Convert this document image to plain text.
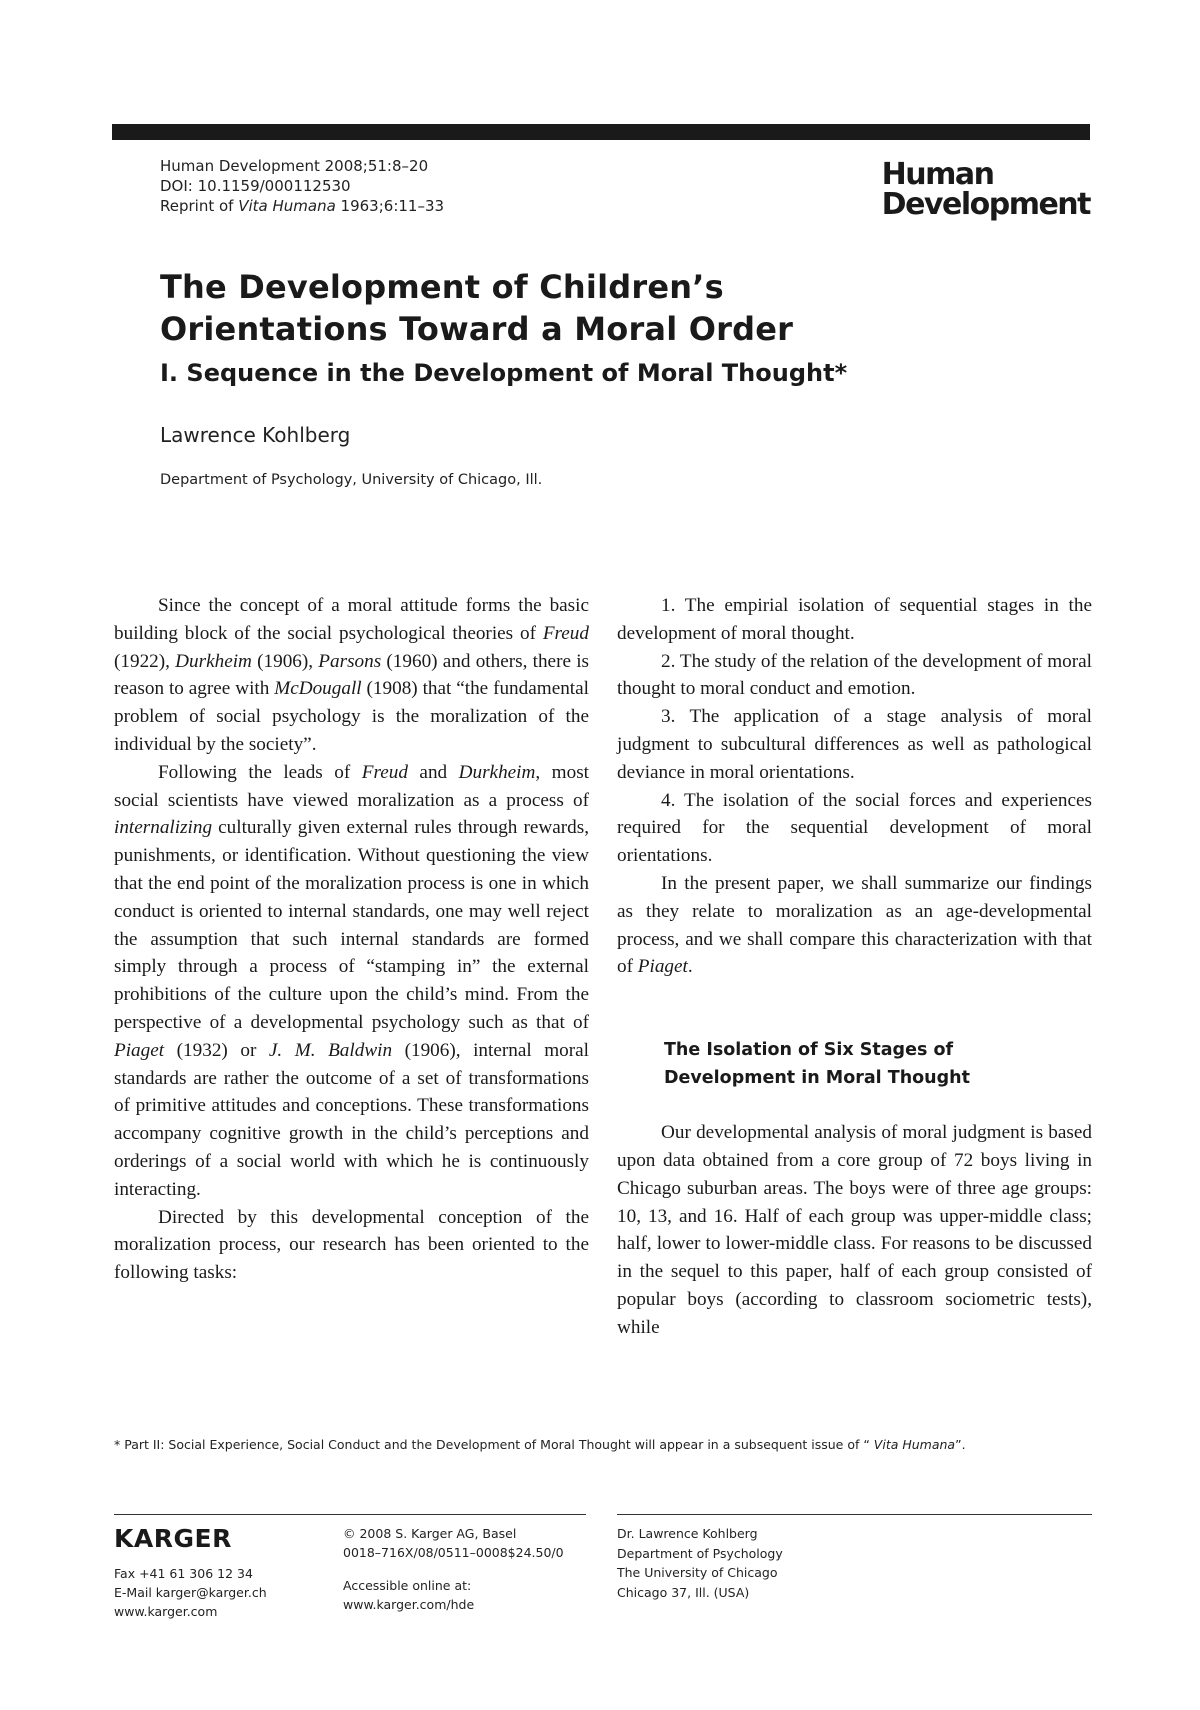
Human Development 2008;51:8–20
DOI: 10.1159/000112530
Reprint of Vita Humana 1963;6:11–33
Human
Development
The Development of Children’s
Orientations Toward a Moral Order
I. Sequence in the Development of Moral Thought*
Lawrence Kohlberg
Department of Psychology, University of Chicago, Ill.

Since the concept of a moral attitude forms the basic building block of the social psychological theories of Freud (1922), Durkheim (1906), Parsons (1960) and others, there is reason to agree with McDougall (1908) that “the fundamental problem of social psychology is the moralization of the individual by the society”.

Following the leads of Freud and Durkheim, most social scientists have viewed moralization as a process of internalizing culturally given external rules through rewards, punishments, or identification. Without questioning the view that the end point of the moralization process is one in which conduct is oriented to internal standards, one may well reject the assumption that such internal standards are formed simply through a process of “stamping in” the external prohibitions of the culture upon the child’s mind. From the perspective of a developmental psychology such as that of Piaget (1932) or J. M. Baldwin (1906), internal moral standards are rather the outcome of a set of transformations of primitive attitudes and conceptions. These transformations accompany cognitive growth in the child’s perceptions and orderings of a social world with which he is continuously interacting.

Directed by this developmental conception of the moralization process, our research has been oriented to the following tasks:

1. The empirial isolation of sequential stages in the development of moral thought.

2. The study of the relation of the development of moral thought to moral conduct and emotion.

3. The application of a stage analysis of moral judgment to subcultural differences as well as pathological deviance in moral orientations.

4. The isolation of the social forces and experiences required for the sequential development of moral orientations.

In the present paper, we shall summarize our findings as they relate to moralization as an age-developmental process, and we shall compare this characterization with that of Piaget.

The Isolation of Six Stages of
Development in Moral Thought

Our developmental analysis of moral judgment is based upon data obtained from a core group of 72 boys living in Chicago suburban areas. The boys were of three age groups: 10, 13, and 16. Half of each group was upper-middle class; half, lower to lower-middle class. For reasons to be discussed in the sequel to this paper, half of each group consisted of popular boys (according to classroom sociometric tests), while

* Part II: Social Experience, Social Conduct and the Development of Moral Thought will appear in a subsequent issue of “ Vita Humana”.
KARGER
Fax +41 61 306 12 34
E-Mail karger@karger.ch
www.karger.com
© 2008 S. Karger AG, Basel
0018–716X/08/0511–0008$24.50/0
Accessible online at:
www.karger.com/hde
Dr. Lawrence Kohlberg
Department of Psychology
The University of Chicago
Chicago 37, Ill. (USA)
